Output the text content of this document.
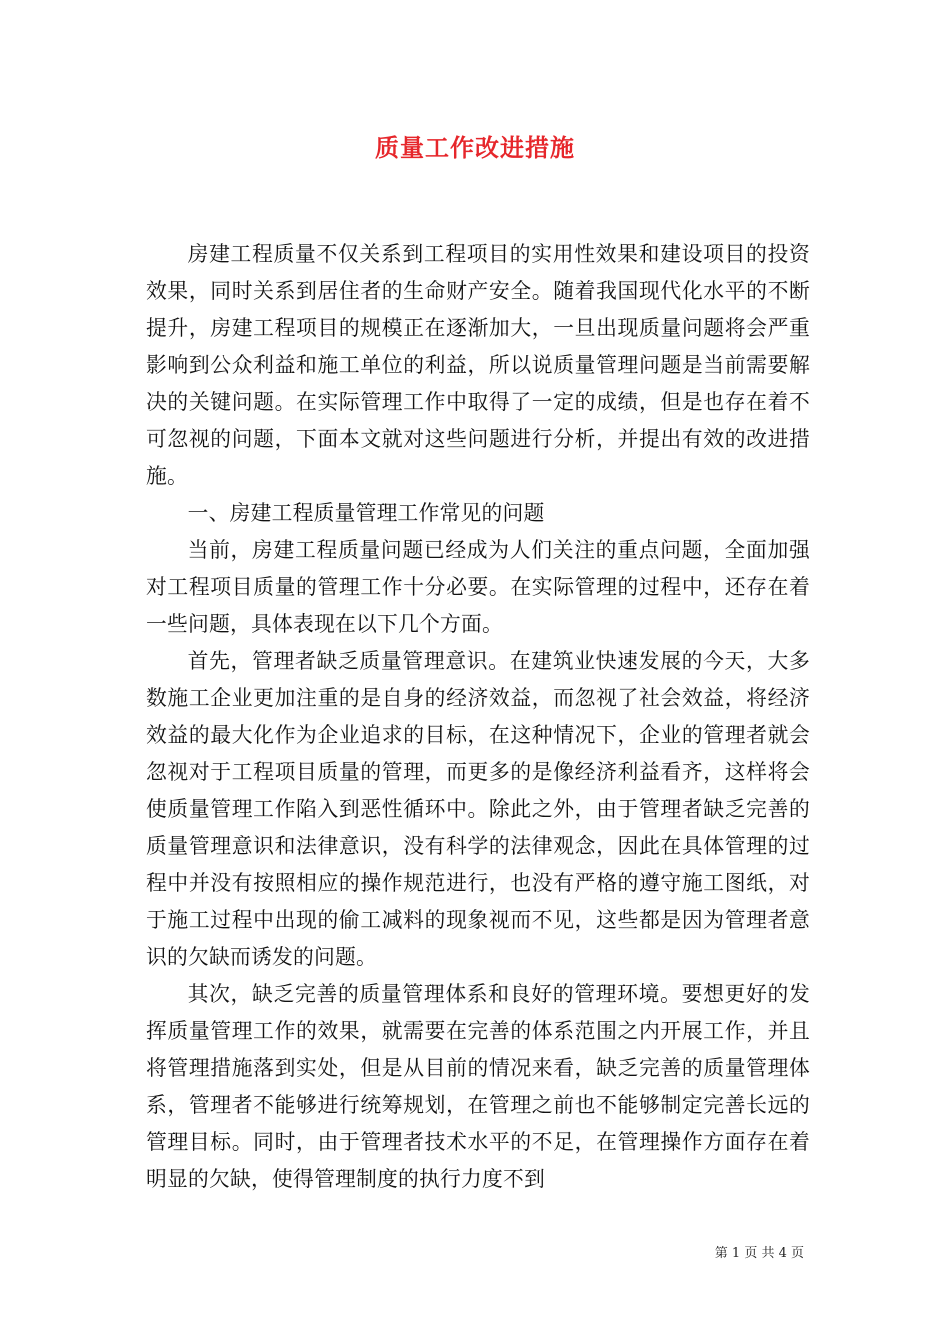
质量工作改进措施

房建工程质量不仅关系到工程项目的实用性效果和建设项目的投资效果，同时关系到居住者的生命财产安全。随着我国现代化水平的不断提升，房建工程项目的规模正在逐渐加大，一旦出现质量问题将会严重影响到公众利益和施工单位的利益，所以说质量管理问题是当前需要解决的关键问题。在实际管理工作中取得了一定的成绩，但是也存在着不可忽视的问题，下面本文就对这些问题进行分析，并提出有效的改进措施。

一、房建工程质量管理工作常见的问题

当前，房建工程质量问题已经成为人们关注的重点问题，全面加强对工程项目质量的管理工作十分必要。在实际管理的过程中，还存在着一些问题，具体表现在以下几个方面。

首先，管理者缺乏质量管理意识。在建筑业快速发展的今天，大多数施工企业更加注重的是自身的经济效益，而忽视了社会效益，将经济效益的最大化作为企业追求的目标，在这种情况下，企业的管理者就会忽视对于工程项目质量的管理，而更多的是像经济利益看齐，这样将会使质量管理工作陷入到恶性循环中。除此之外，由于管理者缺乏完善的质量管理意识和法律意识，没有科学的法律观念，因此在具体管理的过程中并没有按照相应的操作规范进行，也没有严格的遵守施工图纸，对于施工过程中出现的偷工减料的现象视而不见，这些都是因为管理者意识的欠缺而诱发的问题。

其次，缺乏完善的质量管理体系和良好的管理环境。要想更好的发挥质量管理工作的效果，就需要在完善的体系范围之内开展工作，并且将管理措施落到实处，但是从目前的情况来看，缺乏完善的质量管理体系，管理者不能够进行统筹规划，在管理之前也不能够制定完善长远的管理目标。同时，由于管理者技术水平的不足，在管理操作方面存在着明显的欠缺，使得管理制度的执行力度不到

第 1 页 共 4 页
